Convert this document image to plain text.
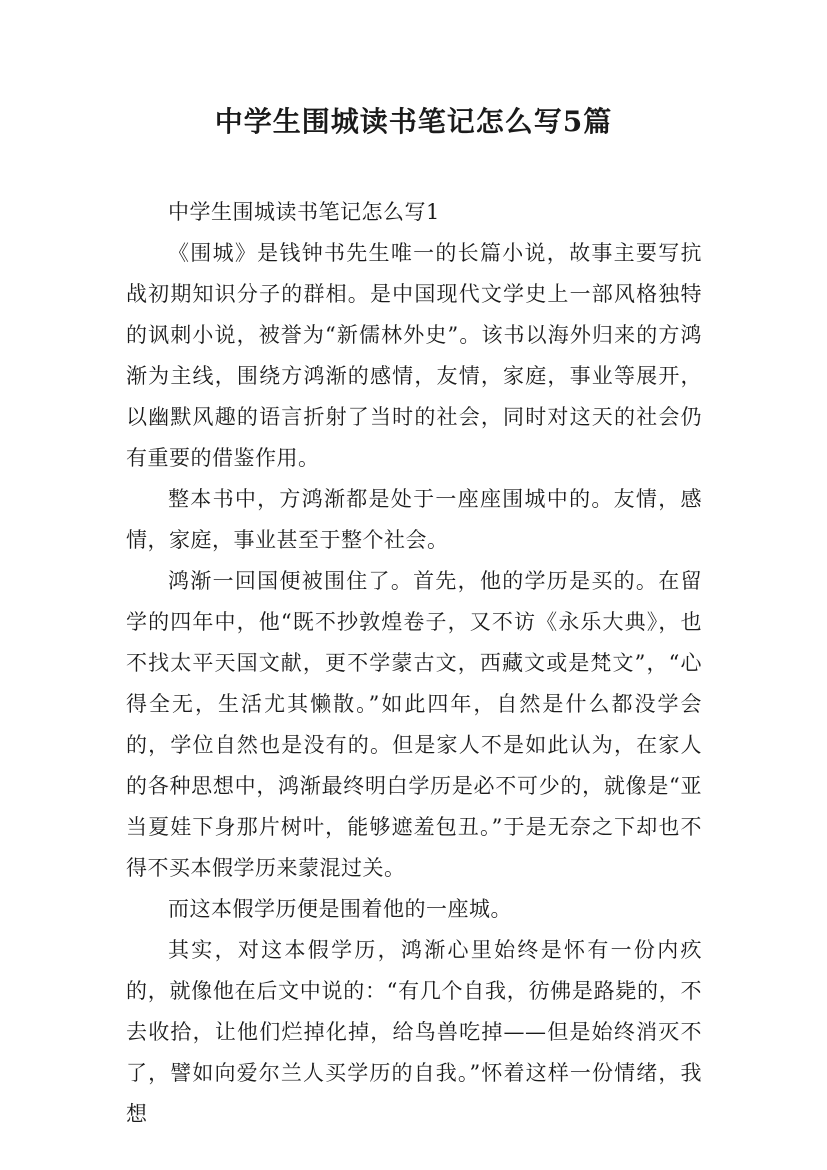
中学生围城读书笔记怎么写5篇

中学生围城读书笔记怎么写1

《围城》是钱钟书先生唯一的长篇小说，故事主要写抗战初期知识分子的群相。是中国现代文学史上一部风格独特的讽刺小说，被誉为“新儒林外史”。该书以海外归来的方鸿渐为主线，围绕方鸿渐的感情，友情，家庭，事业等展开，以幽默风趣的语言折射了当时的社会，同时对这天的社会仍有重要的借鉴作用。

整本书中，方鸿渐都是处于一座座围城中的。友情，感情，家庭，事业甚至于整个社会。

鸿渐一回国便被围住了。首先，他的学历是买的。在留学的四年中，他“既不抄敦煌卷子，又不访《永乐大典》，也不找太平天国文献，更不学蒙古文，西藏文或是梵文”，“心得全无，生活尤其懒散。”如此四年，自然是什么都没学会的，学位自然也是没有的。但是家人不是如此认为，在家人的各种思想中，鸿渐最终明白学历是必不可少的，就像是“亚当夏娃下身那片树叶，能够遮羞包丑。”于是无奈之下却也不得不买本假学历来蒙混过关。

而这本假学历便是围着他的一座城。

其实，对这本假学历，鸿渐心里始终是怀有一份内疚的，就像他在后文中说的：“有几个自我，彷佛是路毙的，不去收拾，让他们烂掉化掉，给鸟兽吃掉——但是始终消灭不了，譬如向爱尔兰人买学历的自我。”怀着这样一份情绪，我想
